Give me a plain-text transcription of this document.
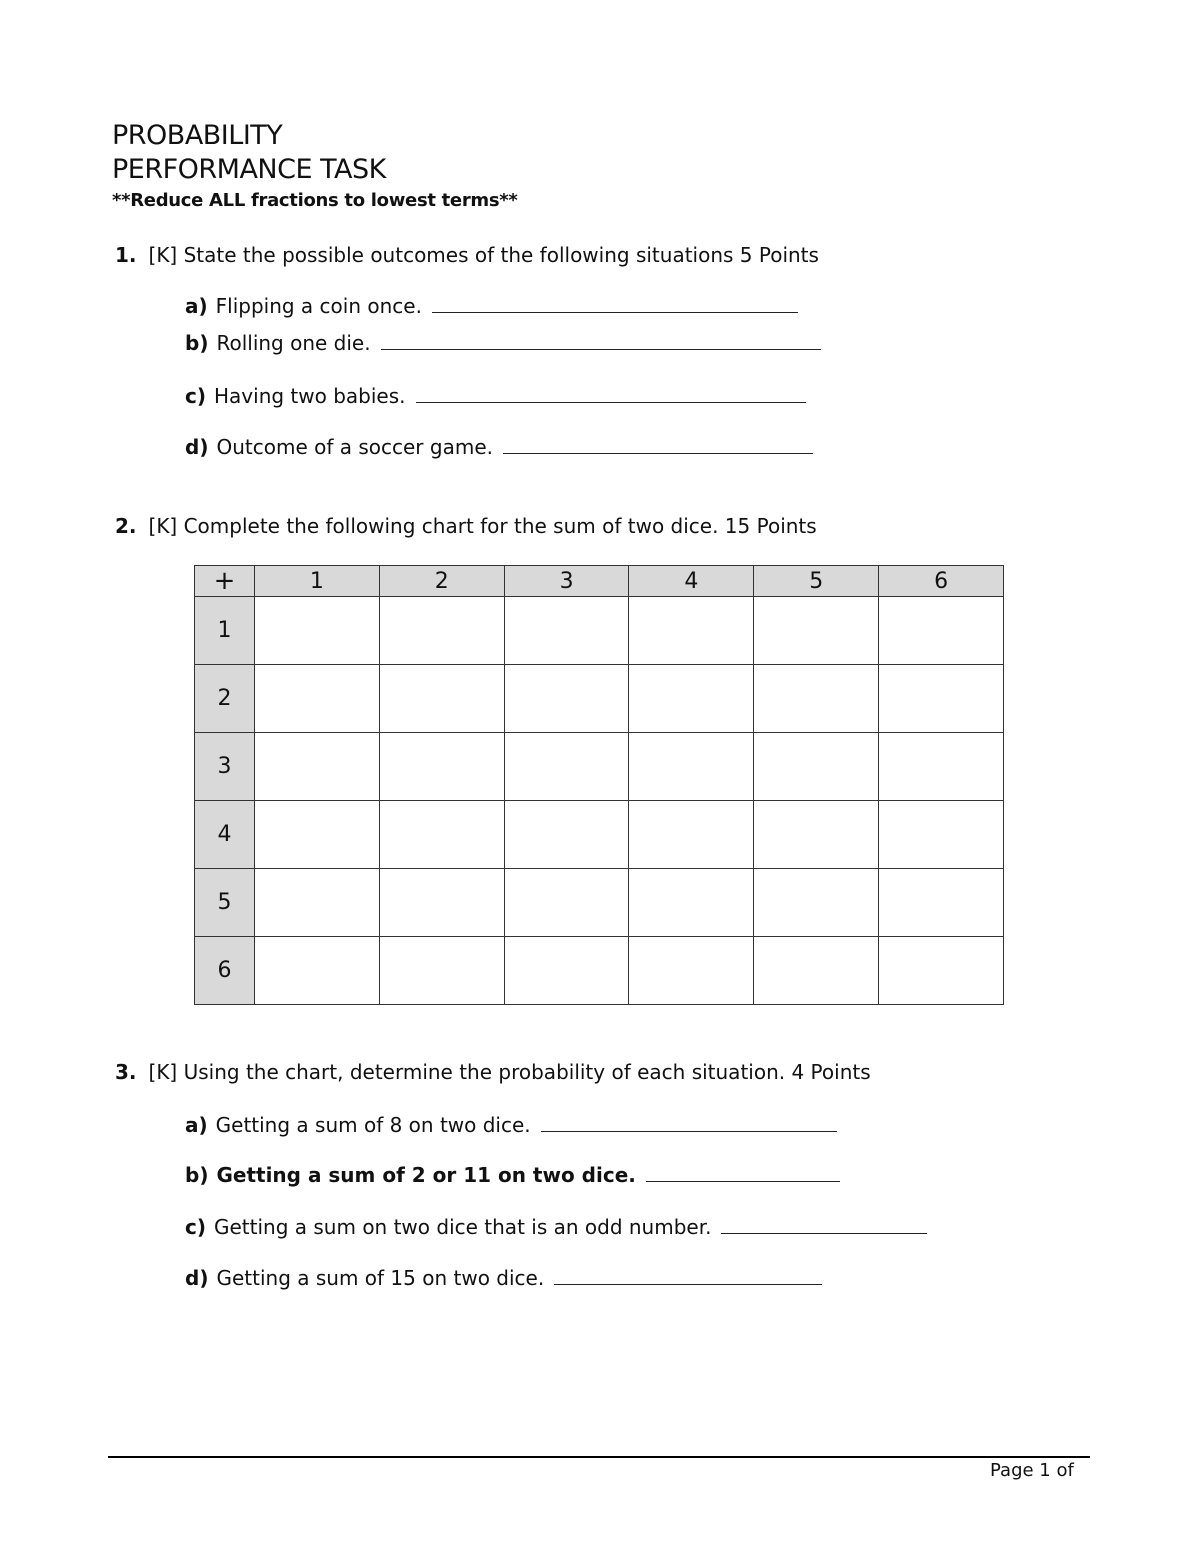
PROBABILITY
PERFORMANCE TASK
**Reduce ALL fractions to lowest terms**
1. [K] State the possible outcomes of the following situations 5 Points
a) Flipping a coin once.
b) Rolling one die.
c) Having two babies.
d) Outcome of a soccer game.
2. [K] Complete the following chart for the sum of two dice. 15 Points
+	1	2	3	4	5	6
1						
2						
3						
4						
5						
6						
3. [K] Using the chart, determine the probability of each situation. 4 Points
a) Getting a sum of 8 on two dice.
b) Getting a sum of 2 or 11 on two dice.
c) Getting a sum on two dice that is an odd number.
d) Getting a sum of 15 on two dice.
Page 1 of
